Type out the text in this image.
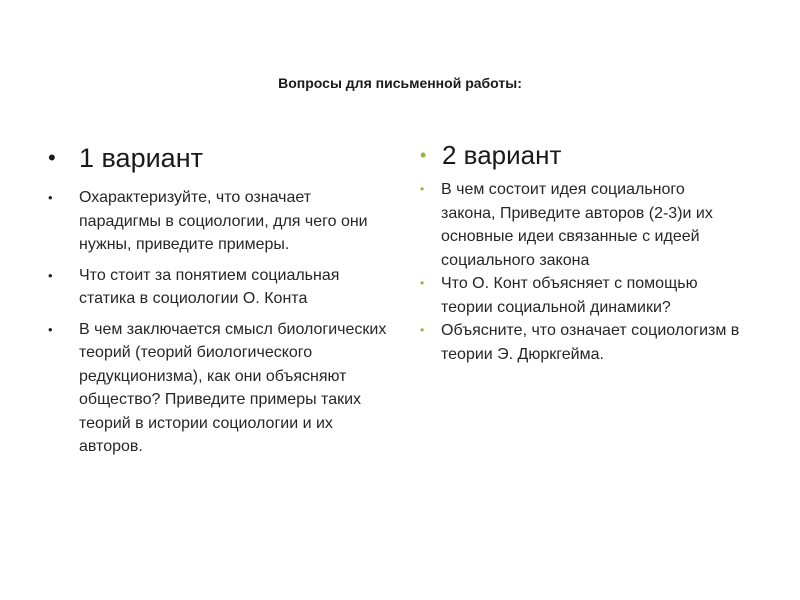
Вопросы для письменной работы:
• 1 вариант
• Охарактеризуйте, что означает парадигмы в социологии, для чего они нужны, приведите примеры.
• Что стоит за понятием социальная статика в социологии О. Конта
• В чем заключается смысл биологических теорий (теорий биологического редукционизма), как они объясняют общество? Приведите примеры таких теорий в истории социологии и их авторов.
• 2 вариант
• В чем состоит идея социального закона, Приведите авторов (2-3)и их основные идеи связанные с идеей социального закона
• Что О. Конт объясняет с помощью теории социальной динамики?
• Объясните, что означает социологизм в теории Э. Дюркгейма.
